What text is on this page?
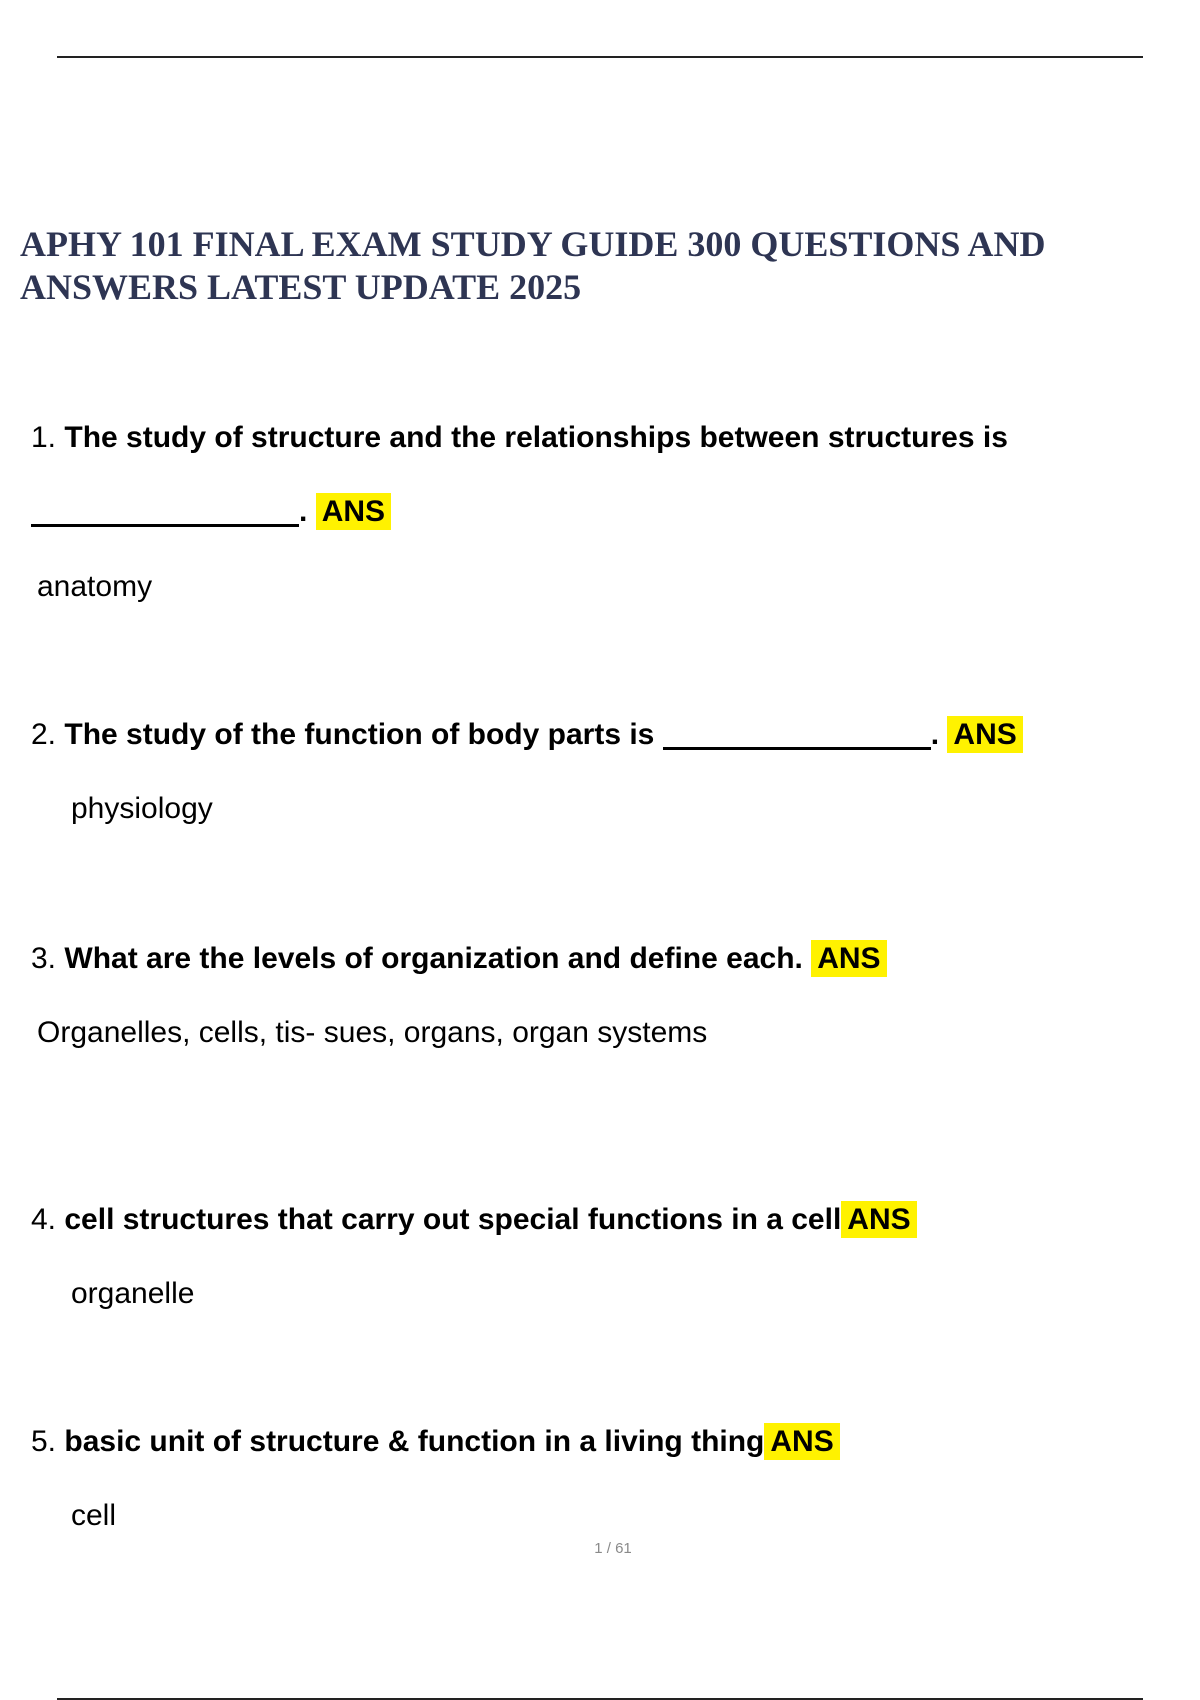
APHY 101 FINAL EXAM STUDY GUIDE 300 QUESTIONS AND ANSWERS LATEST UPDATE 2025
1. The study of structure and the relationships between structures is
. ANS
anatomy
2. The study of the function of body parts is	. ANS
physiology
3. What are the levels of organization and define each. ANS
Organelles, cells, tis- sues, organs, organ systems
4. cell structures that carry out special functions in a cell ANS
organelle
5. basic unit of structure & function in a living thing ANS
cell
1 / 61
